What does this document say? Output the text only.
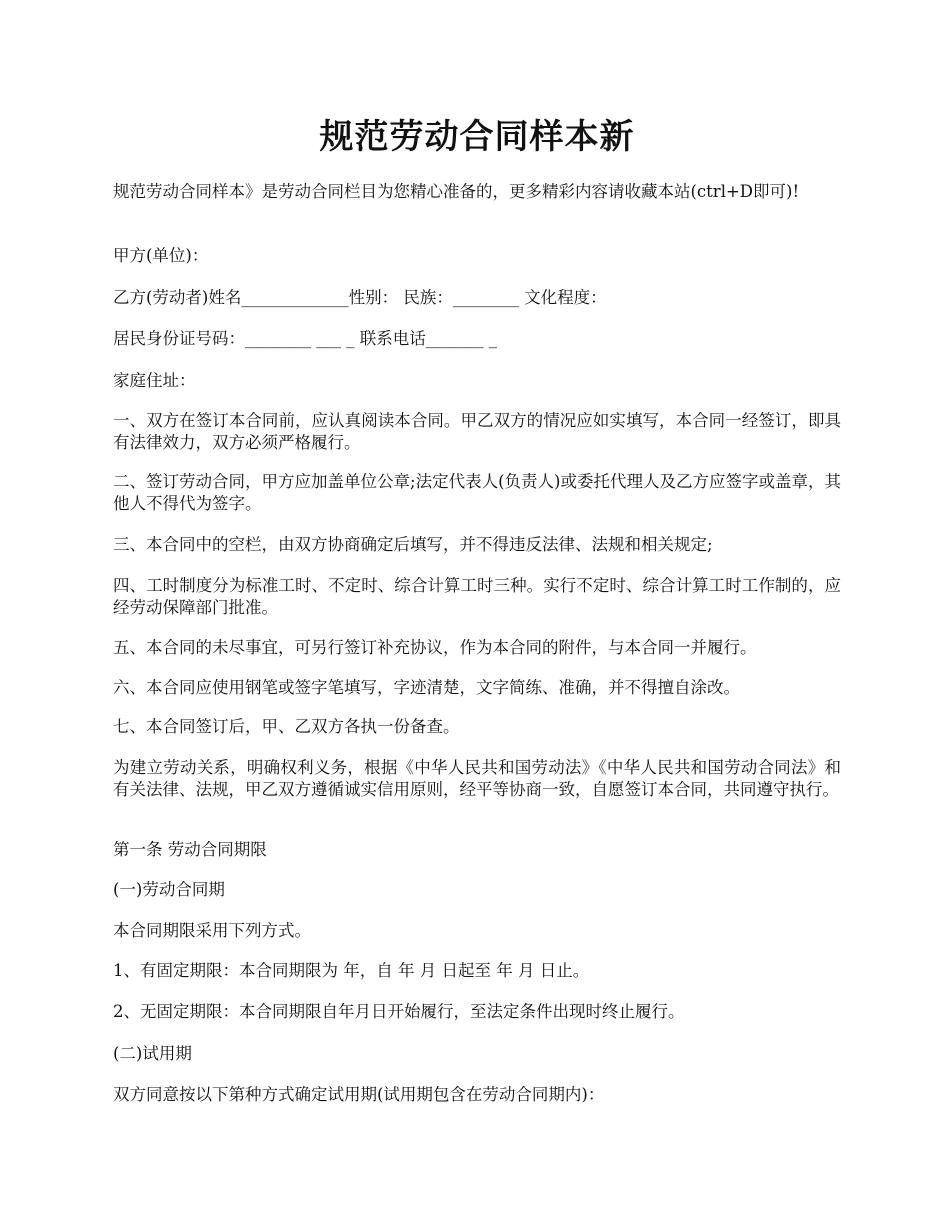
规范劳动合同样本新

规范劳动合同样本》是劳动合同栏目为您精心准备的，更多精彩内容请收藏本站(ctrl+D即可)!

甲方(单位)：

乙方(劳动者)姓名_____________性别： 民族：________ 文化程度：

居民身份证号码：________ ___ _ 联系电话_______ _

家庭住址：

一、双方在签订本合同前，应认真阅读本合同。甲乙双方的情况应如实填写，本合同一经签订，即具有法律效力，双方必须严格履行。

二、签订劳动合同，甲方应加盖单位公章;法定代表人(负责人)或委托代理人及乙方应签字或盖章，其他人不得代为签字。

三、本合同中的空栏，由双方协商确定后填写，并不得违反法律、法规和相关规定;

四、工时制度分为标准工时、不定时、综合计算工时三种。实行不定时、综合计算工时工作制的，应经劳动保障部门批准。

五、本合同的未尽事宜，可另行签订补充协议，作为本合同的附件，与本合同一并履行。

六、本合同应使用钢笔或签字笔填写，字迹清楚，文字简练、准确，并不得擅自涂改。

七、本合同签订后，甲、乙双方各执一份备查。

为建立劳动关系，明确权利义务，根据《中华人民共和国劳动法》《中华人民共和国劳动合同法》和有关法律、法规，甲乙双方遵循诚实信用原则，经平等协商一致，自愿签订本合同，共同遵守执行。

第一条 劳动合同期限

(一)劳动合同期

本合同期限采用下列方式。

1、有固定期限：本合同期限为 年，自 年 月 日起至 年 月 日止。

2、无固定期限：本合同期限自年月日开始履行，至法定条件出现时终止履行。

(二)试用期

双方同意按以下第种方式确定试用期(试用期包含在劳动合同期内)：
